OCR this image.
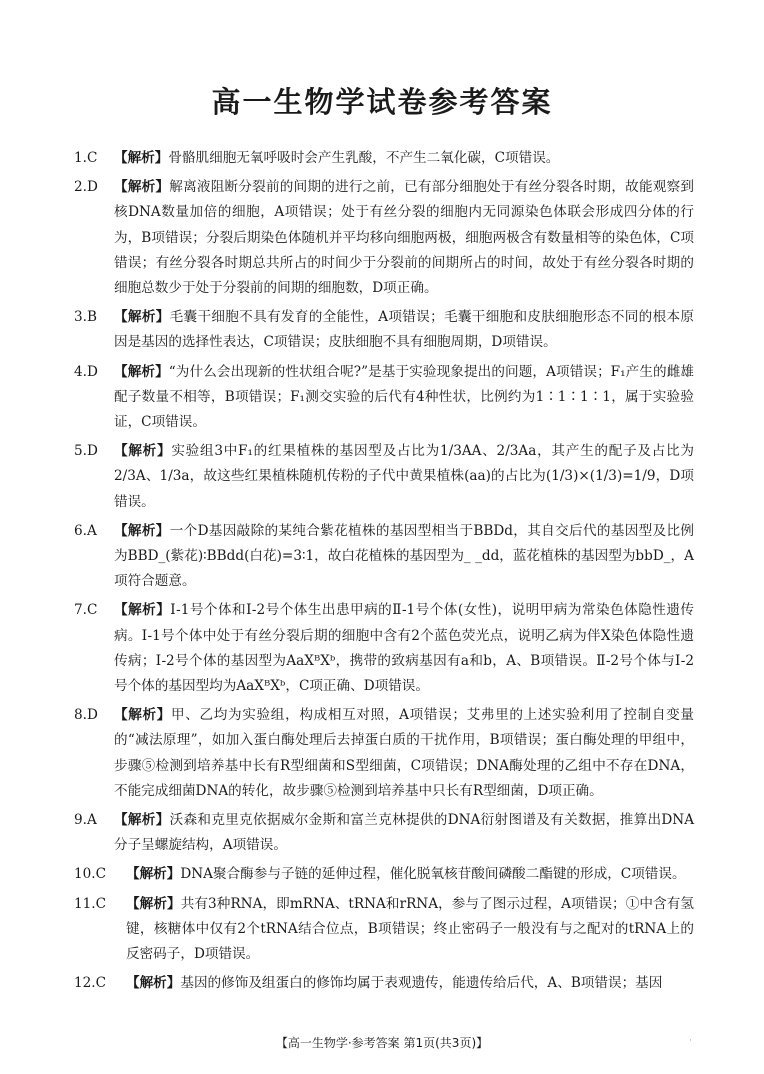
高一生物学试卷参考答案
1.C 【解析】骨骼肌细胞无氧呼吸时会产生乳酸，不产生二氧化碳，C项错误。
2.D 【解析】解离液阻断分裂前的间期的进行之前，已有部分细胞处于有丝分裂各时期，故能观察到核DNA数量加倍的细胞，A项错误；处于有丝分裂的细胞内无同源染色体联会形成四分体的行为，B项错误；分裂后期染色体随机并平均移向细胞两极，细胞两极含有数量相等的染色体，C项错误；有丝分裂各时期总共所占的时间少于分裂前的间期所占的时间，故处于有丝分裂各时期的细胞总数少于处于分裂前的间期的细胞数，D项正确。
3.B 【解析】毛囊干细胞不具有发育的全能性，A项错误；毛囊干细胞和皮肤细胞形态不同的根本原因是基因的选择性表达，C项错误；皮肤细胞不具有细胞周期，D项错误。
4.D 【解析】“为什么会出现新的性状组合呢?”是基于实验现象提出的问题，A项错误；F₁产生的雌雄配子数量不相等，B项错误；F₁测交实验的后代有4种性状，比例约为1∶1∶1∶1，属于实验验证，C项错误。
5.D 【解析】实验组3中F₁的红果植株的基因型及占比为1/3AA、2/3Aa，其产生的配子及占比为2/3A、1/3a，故这些红果植株随机传粉的子代中黄果植株(aa)的占比为(1/3)×(1/3)=1/9，D项错误。
6.A 【解析】一个D基因敲除的某纯合紫花植株的基因型相当于BBDd，其自交后代的基因型及比例为BBD_(紫花)∶BBdd(白花)=3∶1，故白花植株的基因型为_ _dd，蓝花植株的基因型为bbD_，A项符合题意。
7.C 【解析】Ⅰ-1号个体和Ⅰ-2号个体生出患甲病的Ⅱ-1号个体(女性)，说明甲病为常染色体隐性遗传病。Ⅰ-1号个体中处于有丝分裂后期的细胞中含有2个蓝色荧光点，说明乙病为伴X染色体隐性遗传病；Ⅰ-2号个体的基因型为AaXᴮXᵇ，携带的致病基因有a和b，A、B项错误。Ⅱ-2号个体与Ⅰ-2号个体的基因型均为AaXᴮXᵇ，C项正确、D项错误。
8.D 【解析】甲、乙均为实验组，构成相互对照，A项错误；艾弗里的上述实验利用了控制自变量的“减法原理”，如加入蛋白酶处理后去掉蛋白质的干扰作用，B项错误；蛋白酶处理的甲组中，步骤⑤检测到培养基中长有R型细菌和S型细菌，C项错误；DNA酶处理的乙组中不存在DNA，不能完成细菌DNA的转化，故步骤⑤检测到培养基中只长有R型细菌，D项正确。
9.A 【解析】沃森和克里克依据威尔金斯和富兰克林提供的DNA衍射图谱及有关数据，推算出DNA分子呈螺旋结构，A项错误。
10.C 【解析】DNA聚合酶参与子链的延伸过程，催化脱氧核苷酸间磷酸二酯键的形成，C项错误。
11.C 【解析】共有3种RNA，即mRNA、tRNA和rRNA，参与了图示过程，A项错误；①中含有氢键，核糖体中仅有2个tRNA结合位点，B项错误；终止密码子一般没有与之配对的tRNA上的反密码子，D项错误。
12.C 【解析】基因的修饰及组蛋白的修饰均属于表观遗传，能遗传给后代，A、B项错误；基因
【高一生物学·参考答案 第1页(共3页)】	·
